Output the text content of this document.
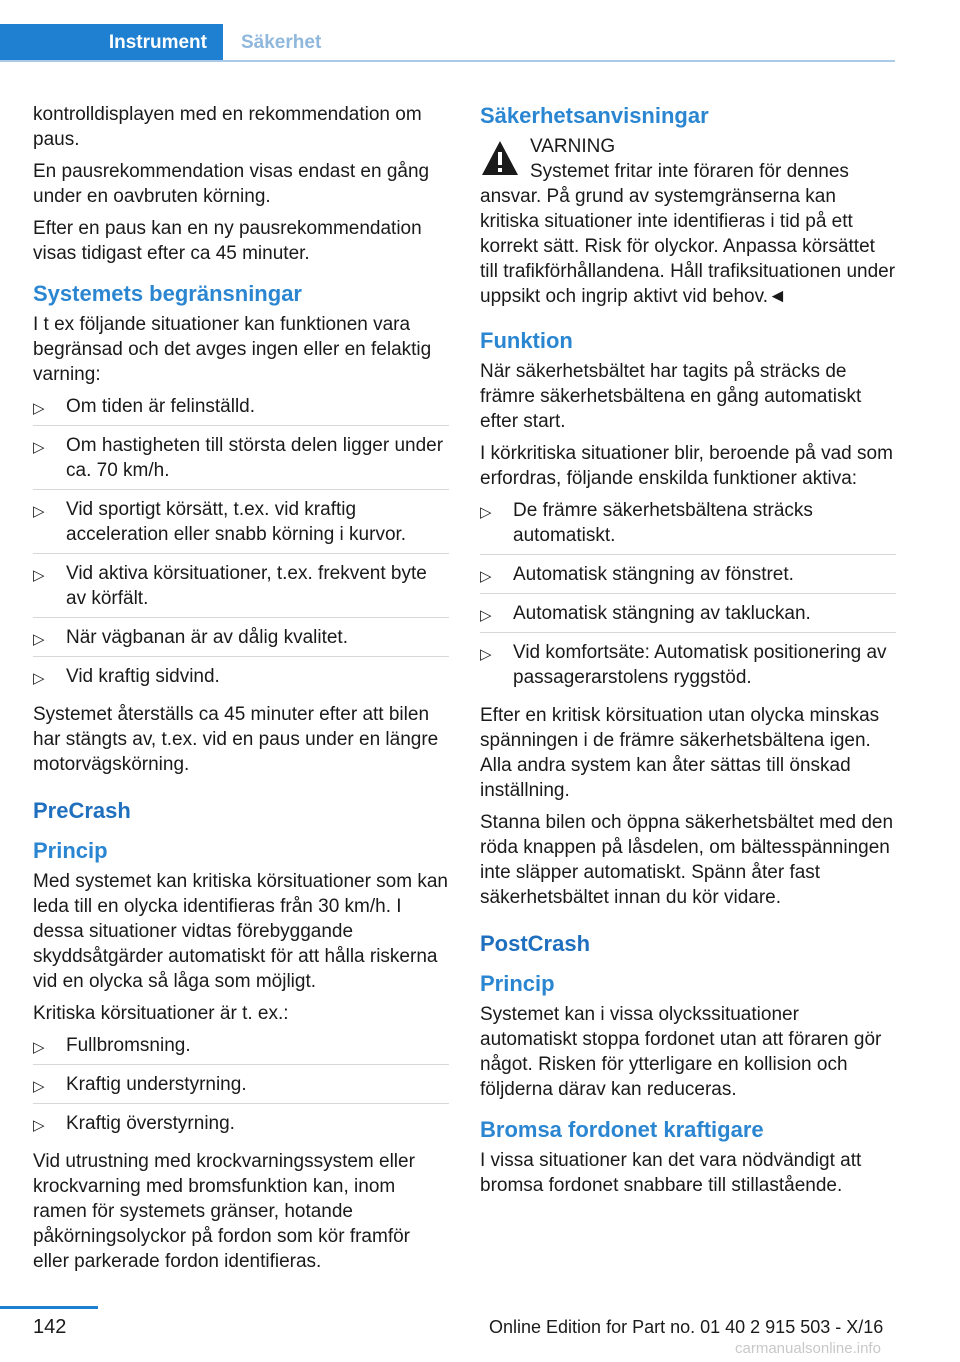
Instrument	Säkerhet

kontrolldisplayen med en rekommendation om paus.

En pausrekommendation visas endast en gång under en oavbruten körning.

Efter en paus kan en ny pausrekommendation visas tidigast efter ca 45 minuter.

Systemets begränsningar

I t ex följande situationer kan funktionen vara begränsad och det avges ingen eller en felaktig varning:

▷ Om tiden är felinställd.
▷ Om hastigheten till största delen ligger under ca. 70 km/h.
▷ Vid sportigt körsätt, t.ex. vid kraftig acceleration eller snabb körning i kurvor.
▷ Vid aktiva körsituationer, t.ex. frekvent byte av körfält.
▷ När vägbanan är av dålig kvalitet.
▷ Vid kraftig sidvind.

Systemet återställs ca 45 minuter efter att bilen har stängts av, t.ex. vid en paus under en längre motorvägskörning.

PreCrash
Princip

Med systemet kan kritiska körsituationer som kan leda till en olycka identifieras från 30 km/h. I dessa situationer vidtas förebyggande skyddsåtgärder automatiskt för att hålla riskerna vid en olycka så låga som möjligt.

Kritiska körsituationer är t. ex.:

▷ Fullbromsning.
▷ Kraftig understyrning.
▷ Kraftig överstyrning.

Vid utrustning med krockvarningssystem eller krockvarning med bromsfunktion kan, inom ramen för systemets gränser, hotande påkörningsolyckor på fordon som kör framför eller parkerade fordon identifieras.

Säkerhetsanvisningar
VARNING
Systemet fritar inte föraren för dennes ansvar. På grund av systemgränserna kan kritiska situationer inte identifieras i tid på ett korrekt sätt. Risk för olyckor. Anpassa körsättet till trafikförhållandena. Håll trafiksituationen under uppsikt och ingrip aktivt vid behov.◄
Funktion

När säkerhetsbältet har tagits på sträcks de främre säkerhetsbältena en gång automatiskt efter start.

I körkritiska situationer blir, beroende på vad som erfordras, följande enskilda funktioner aktiva:

▷ De främre säkerhetsbältena sträcks automatiskt.
▷ Automatisk stängning av fönstret.
▷ Automatisk stängning av takluckan.
▷ Vid komfortsäte: Automatisk positionering av passagerarstolens ryggstöd.

Efter en kritisk körsituation utan olycka minskas spänningen i de främre säkerhetsbältena igen. Alla andra system kan åter sättas till önskad inställning.

Stanna bilen och öppna säkerhetsbältet med den röda knappen på låsdelen, om bältesspänningen inte släpper automatiskt. Spänn åter fast säkerhetsbältet innan du kör vidare.

PostCrash
Princip

Systemet kan i vissa olyckssituationer automatiskt stoppa fordonet utan att föraren gör något. Risken för ytterligare en kollision och följderna därav kan reduceras.

Bromsa fordonet kraftigare

I vissa situationer kan det vara nödvändigt att bromsa fordonet snabbare till stillastående.

142	Online Edition for Part no. 01 40 2 915 503 - X/16
carmanualsonline.info
